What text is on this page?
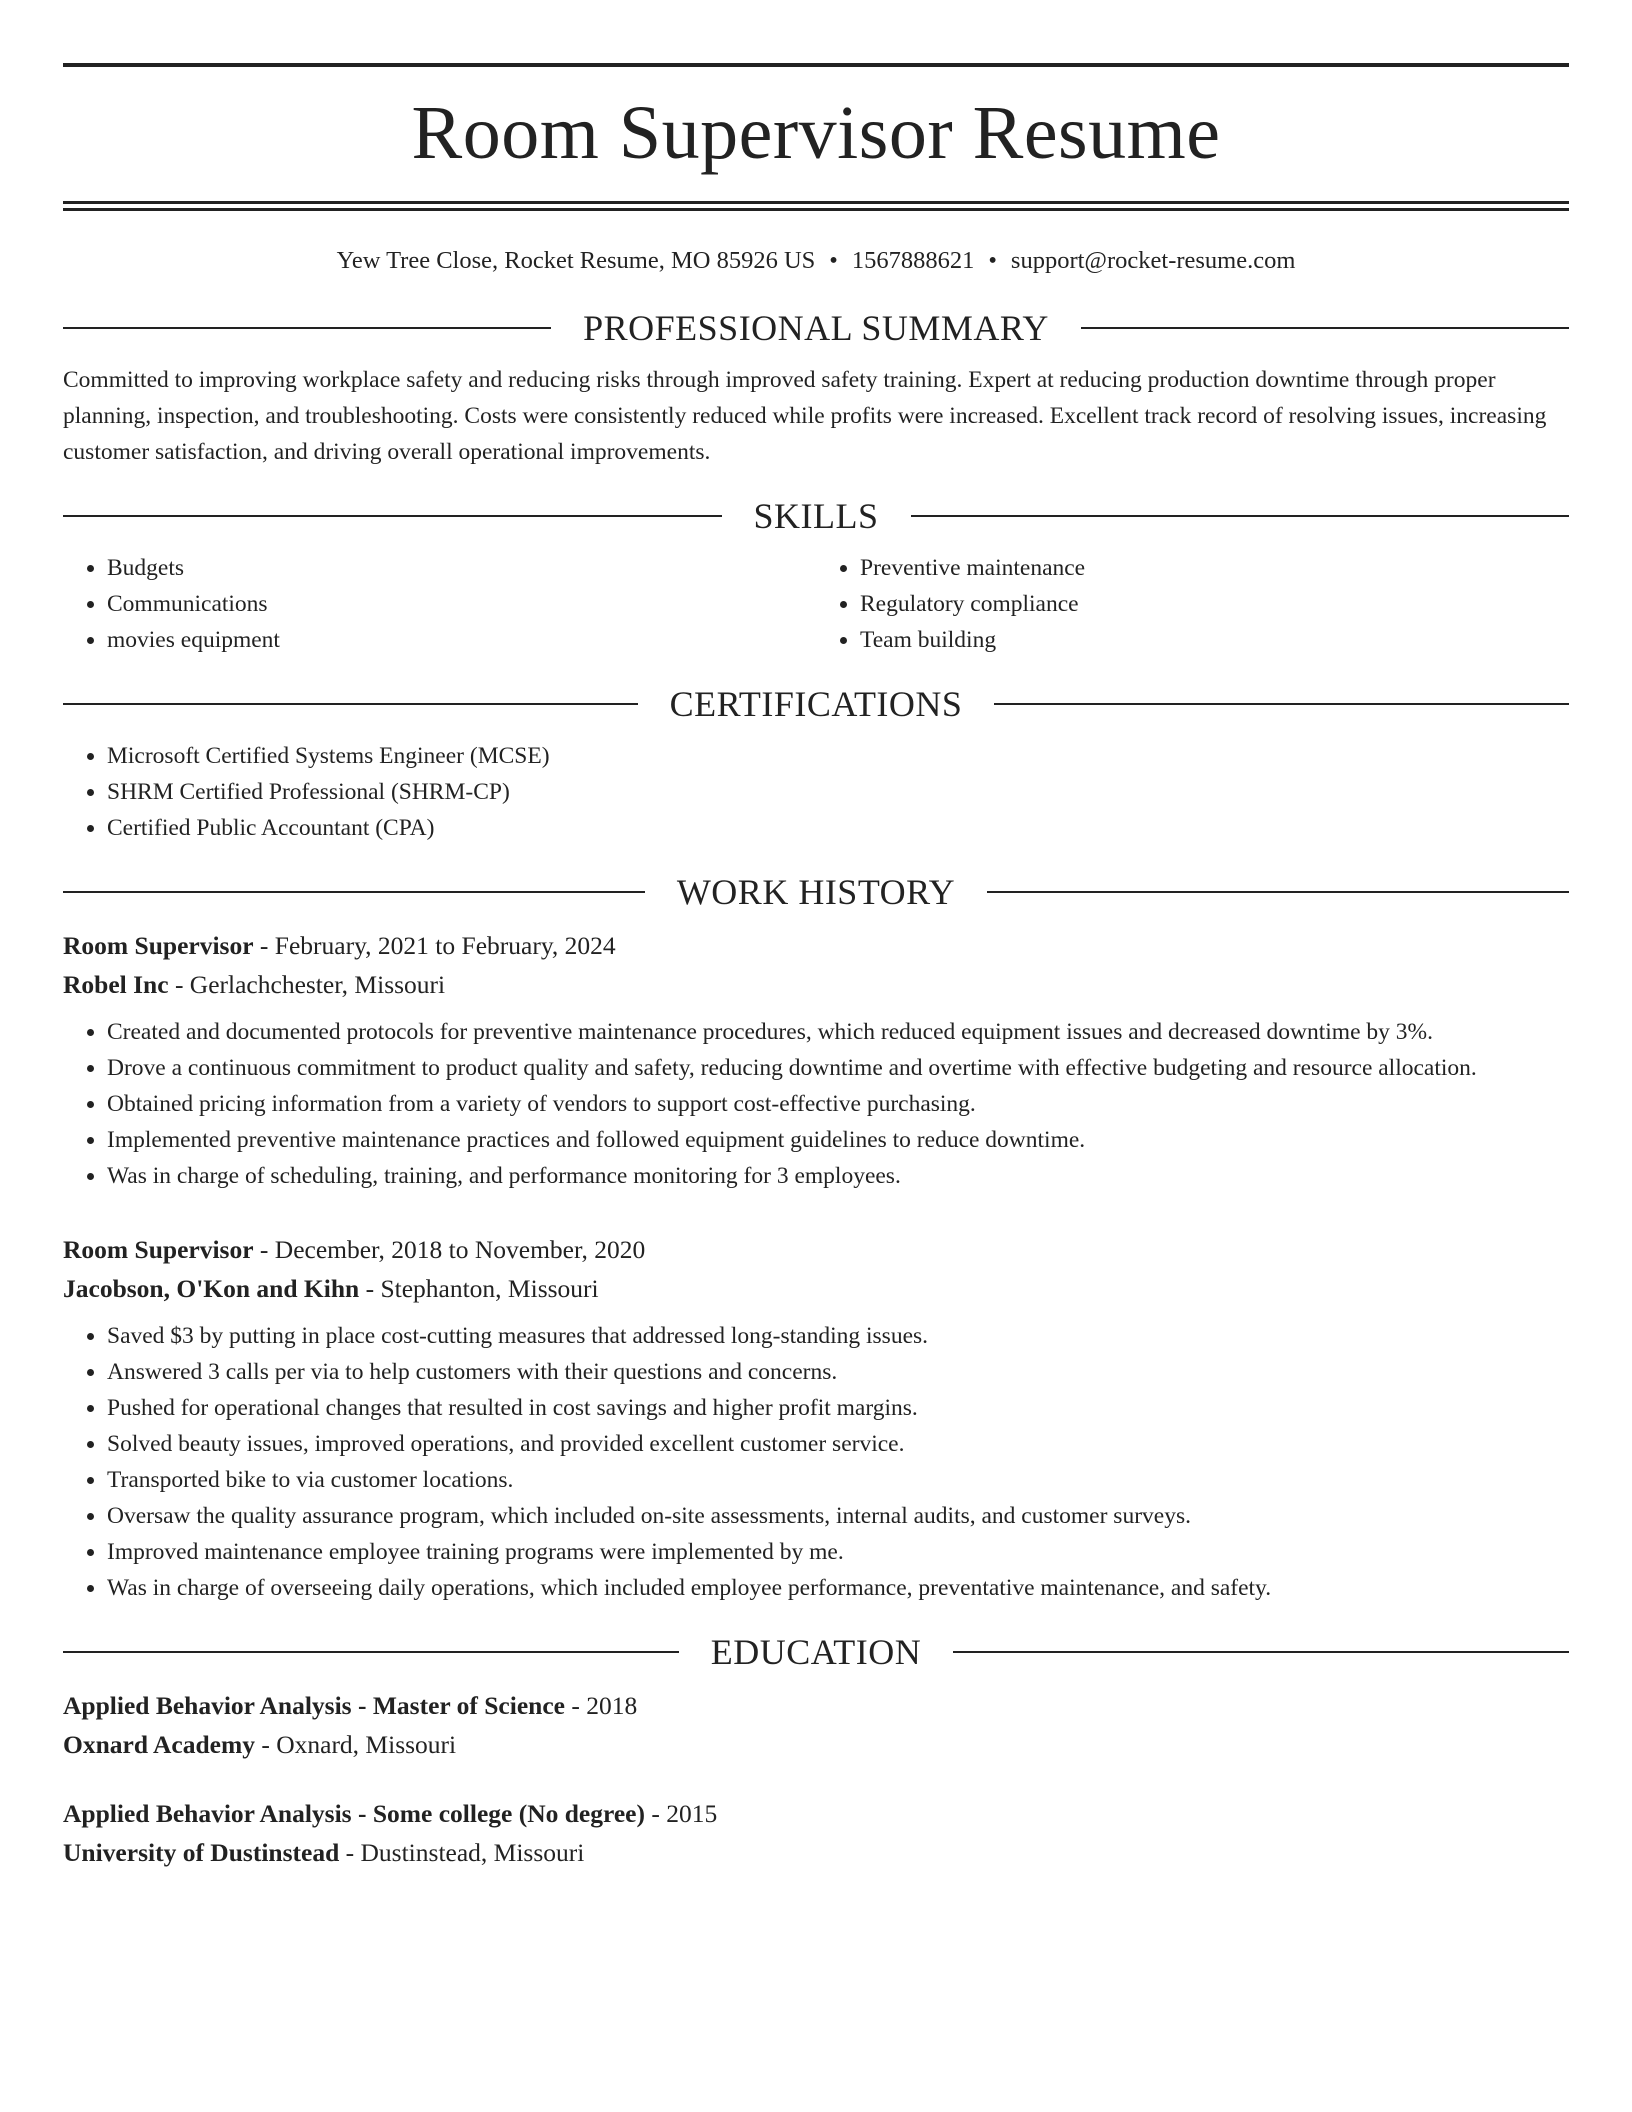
Room Supervisor Resume
Yew Tree Close, Rocket Resume, MO 85926 US • 1567888621 • support@rocket-resume.com
PROFESSIONAL SUMMARY

Committed to improving workplace safety and reducing risks through improved safety training. Expert at reducing production downtime through proper planning, inspection, and troubleshooting. Costs were consistently reduced while profits were increased. Excellent track record of resolving issues, increasing customer satisfaction, and driving overall operational improvements.

SKILLS
• Budgets
• Communications
• movies equipment
• Preventive maintenance
• Regulatory compliance
• Team building
CERTIFICATIONS
• Microsoft Certified Systems Engineer (MCSE)
• SHRM Certified Professional (SHRM-CP)
• Certified Public Accountant (CPA)
WORK HISTORY

Room Supervisor - February, 2021 to February, 2024

Robel Inc - Gerlachchester, Missouri

• Created and documented protocols for preventive maintenance procedures, which reduced equipment issues and decreased downtime by 3%.
• Drove a continuous commitment to product quality and safety, reducing downtime and overtime with effective budgeting and resource allocation.
• Obtained pricing information from a variety of vendors to support cost-effective purchasing.
• Implemented preventive maintenance practices and followed equipment guidelines to reduce downtime.
• Was in charge of scheduling, training, and performance monitoring for 3 employees.

Room Supervisor - December, 2018 to November, 2020

Jacobson, O'Kon and Kihn - Stephanton, Missouri

• Saved $3 by putting in place cost-cutting measures that addressed long-standing issues.
• Answered 3 calls per via to help customers with their questions and concerns.
• Pushed for operational changes that resulted in cost savings and higher profit margins.
• Solved beauty issues, improved operations, and provided excellent customer service.
• Transported bike to via customer locations.
• Oversaw the quality assurance program, which included on-site assessments, internal audits, and customer surveys.
• Improved maintenance employee training programs were implemented by me.
• Was in charge of overseeing daily operations, which included employee performance, preventative maintenance, and safety.
EDUCATION

Applied Behavior Analysis - Master of Science - 2018

Oxnard Academy - Oxnard, Missouri

Applied Behavior Analysis - Some college (No degree) - 2015

University of Dustinstead - Dustinstead, Missouri
